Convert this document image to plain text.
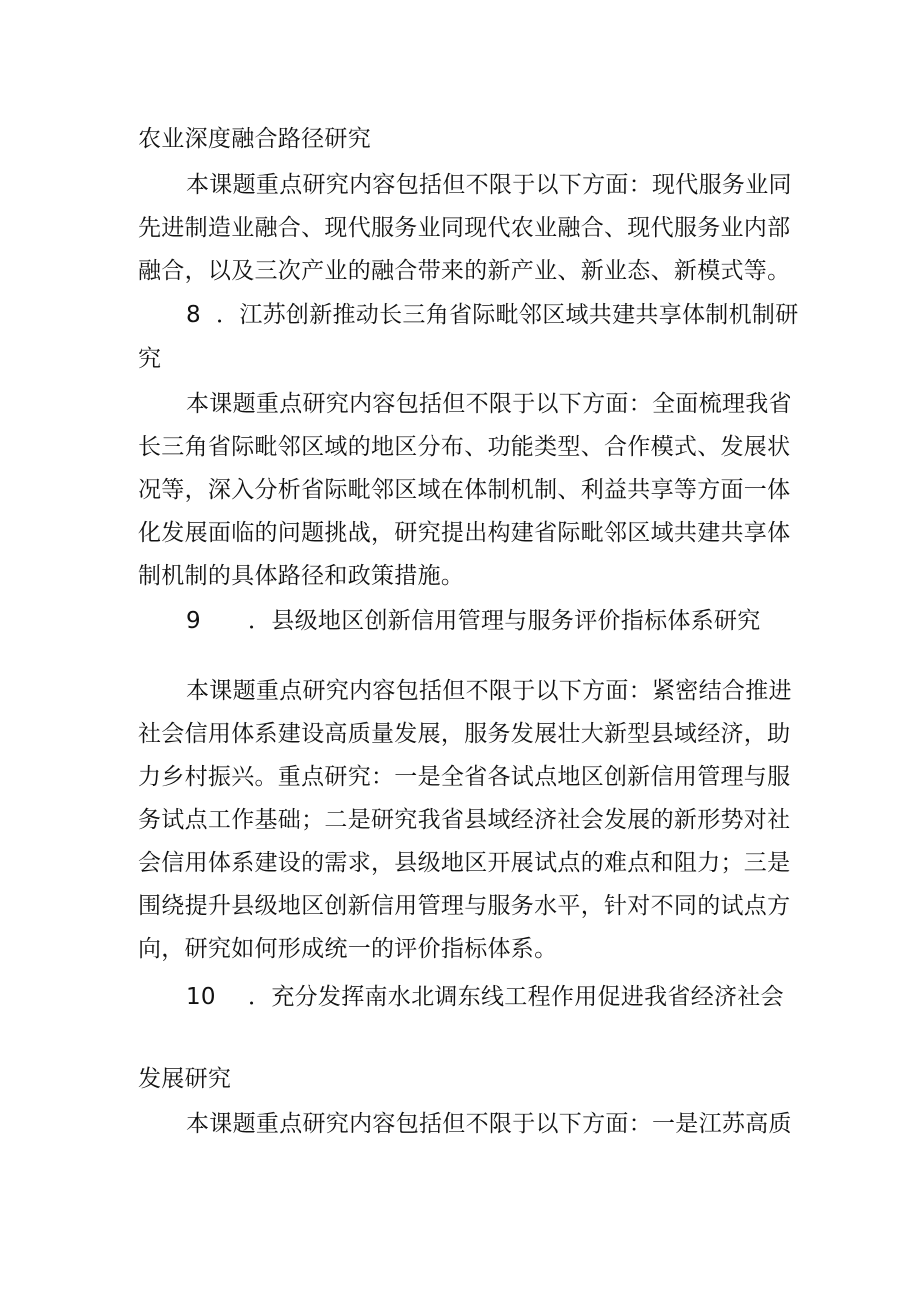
农业深度融合路径研究
本课题重点研究内容包括但不限于以下方面：现代服务业同
先进制造业融合、现代服务业同现代农业融合、现代服务业内部
融合，以及三次产业的融合带来的新产业、新业态、新模式等。
8 ．江苏创新推动长三角省际毗邻区域共建共享体制机制研
究
本课题重点研究内容包括但不限于以下方面：全面梳理我省
长三角省际毗邻区域的地区分布、功能类型、合作模式、发展状
况等，深入分析省际毗邻区域在体制机制、利益共享等方面一体
化发展面临的问题挑战，研究提出构建省际毗邻区域共建共享体
制机制的具体路径和政策措施。
9 ．县级地区创新信用管理与服务评价指标体系研究
本课题重点研究内容包括但不限于以下方面：紧密结合推进
社会信用体系建设高质量发展，服务发展壮大新型县域经济，助
力乡村振兴。重点研究：一是全省各试点地区创新信用管理与服
务试点工作基础；二是研究我省县域经济社会发展的新形势对社
会信用体系建设的需求，县级地区开展试点的难点和阻力；三是
围绕提升县级地区创新信用管理与服务水平，针对不同的试点方
向，研究如何形成统一的评价指标体系。
10 ．充分发挥南水北调东线工程作用促进我省经济社会
发展研究
本课题重点研究内容包括但不限于以下方面：一是江苏高质
